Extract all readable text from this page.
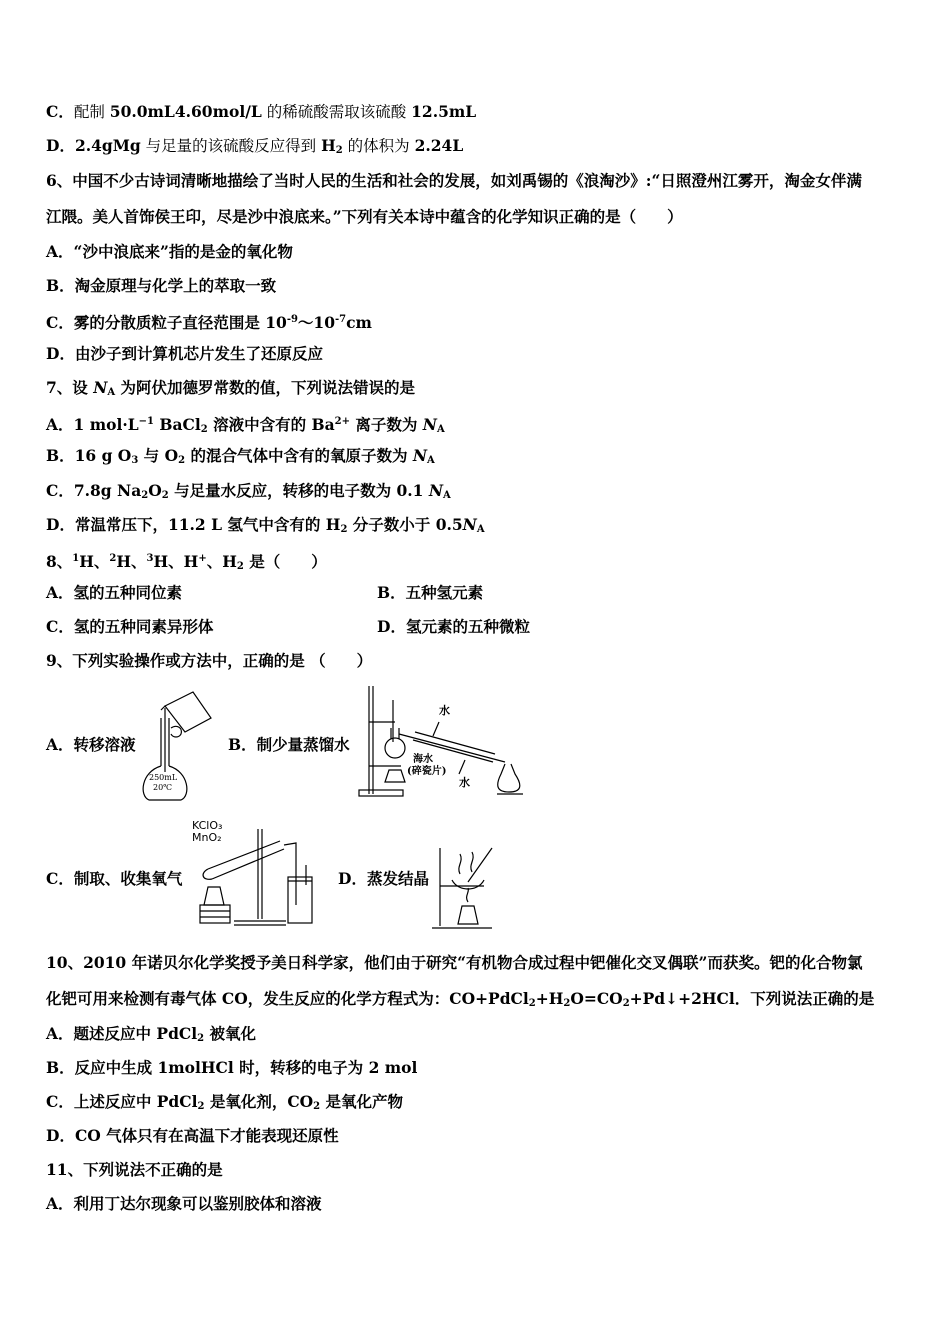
C．配制 50.0mL4.60mol/L 的稀硫酸需取该硫酸 12.5mL
D．2.4gMg 与足量的该硫酸反应得到 $H_2$ 的体积为 2.24L
6、中国不少古诗词清晰地描绘了当时人民的生活和社会的发展，如刘禹锡的《浪淘沙》:“日照澄州江雾开，淘金女伴满
江隈。美人首饰侯王印，尽是沙中浪底来。”下列有关本诗中蕴含的化学知识正确的是（　　）
A．“沙中浪底来”指的是金的氧化物
B．淘金原理与化学上的萃取一致
C．雾的分散质粒子直径范围是 $10^{-9}\sim 10^{-7}cm$
D．由沙子到计算机芯片发生了还原反应
7、设 $N_A$ 为阿伏加德罗常数的值，下列说法错误的是
A．1 $mol\cdot L^{-1}$ BaCl$_2$ 溶液中含有的 $Ba^{2+}$ 离子数为 $N_A$
B．16 g $O_3$ 与 $O_2$ 的混合气体中含有的氧原子数为 $N_A$
C．7.8g $Na_2O_2$ 与足量水反应，转移的电子数为 0.1 $N_A$
D．常温常压下，11.2 L 氢气中含有的 $H_2$ 分子数小于 $0.5N_A$
8、$^1$H、$^2$H、$^3$H、H+、$H_2$ 是（　　）
A．氢的五种同位素	B．五种氢元素
C．氢的五种同素异形体	D．氢元素的五种微粒
9、下列实验操作或方法中，正确的是 （　　）
A．转移溶液
250mL
20℃
B．制少量蒸馏水
水
海水
(碎瓷片)
水
C．制取、收集氧气
KClO₃
MnO₂
D．蒸发结晶
10、2010 年诺贝尔化学奖授予美日科学家，他们由于研究“有机物合成过程中钯催化交叉偶联”而获奖。钯的化合物氯
化钯可用来检测有毒气体 CO，发生反应的化学方程式为：$CO+PdCl_2+H_2O=CO_2+Pd↓+2HCl$．下列说法正确的是
A．题述反应中 PdCl$_2$ 被氧化
B．反应中生成 1molHCl 时，转移的电子为 2 mol
C．上述反应中 PdCl$_2$ 是氧化剂，$CO_2$ 是氧化产物
D．CO 气体只有在高温下才能表现还原性
11、下列说法不正确的是
A．利用丁达尔现象可以鉴别胶体和溶液
